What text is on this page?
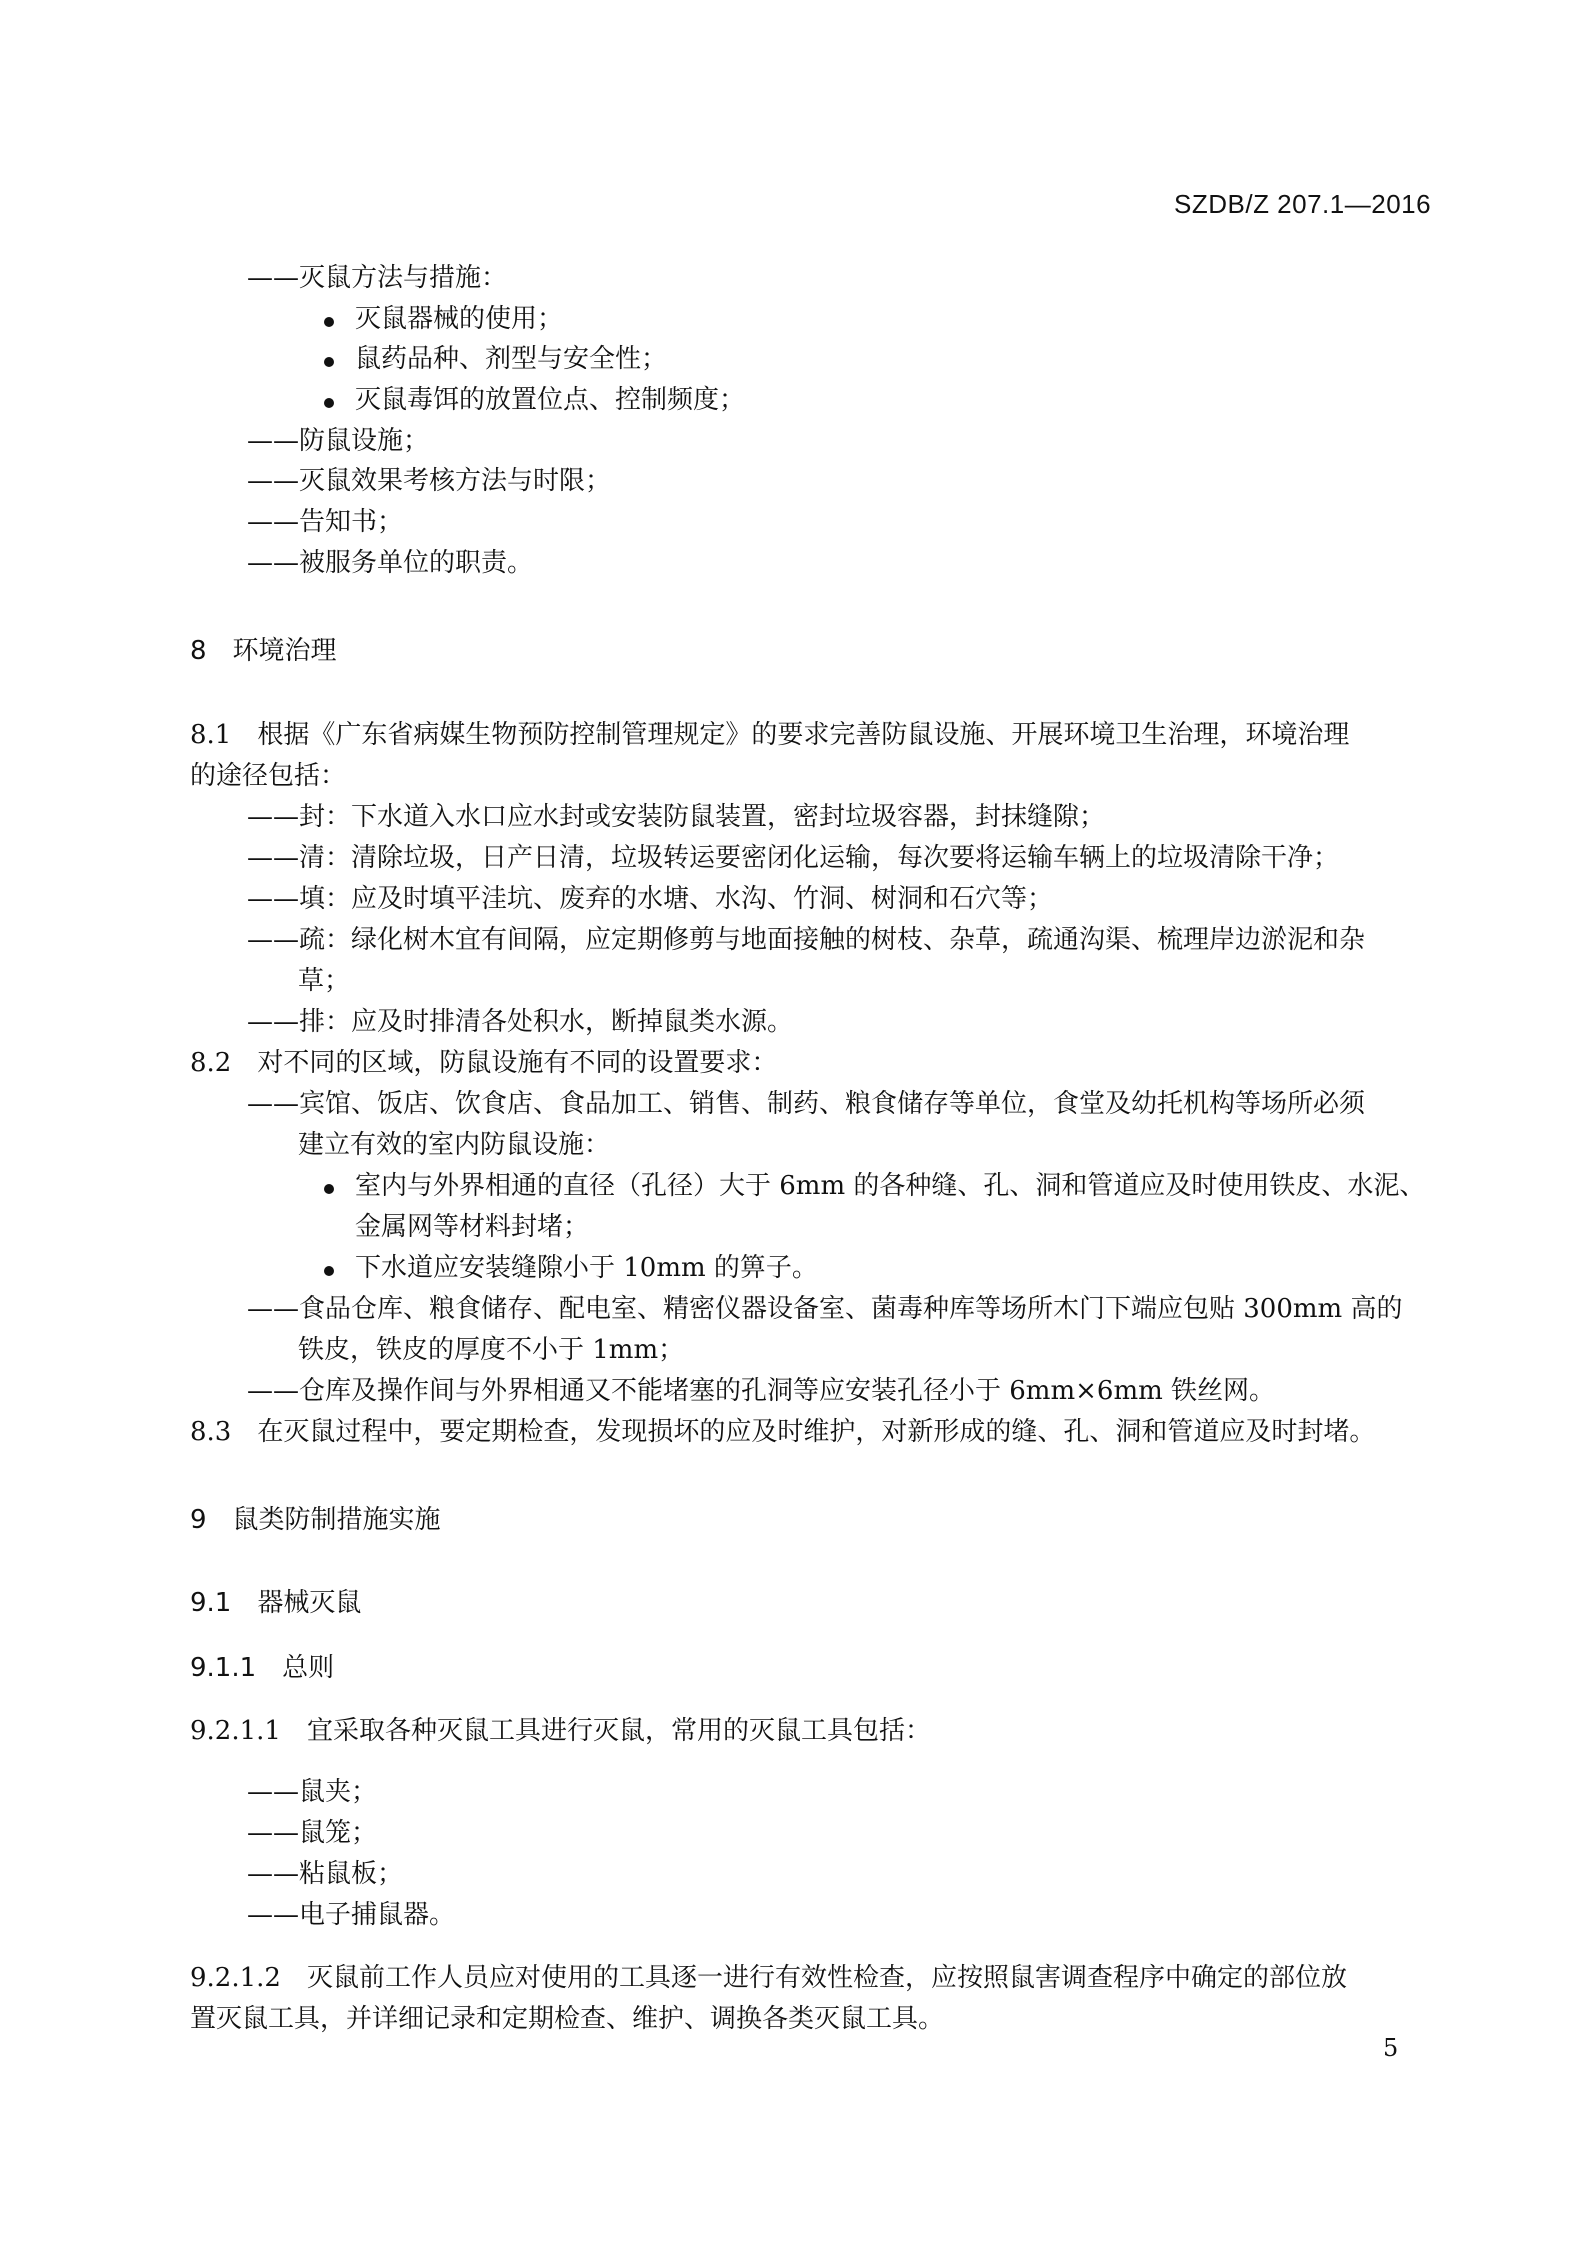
SZDB/Z 207.1—2016
——灭鼠方法与措施：
灭鼠器械的使用；
鼠药品种、剂型与安全性；
灭鼠毒饵的放置位点、控制频度；
——防鼠设施；
——灭鼠效果考核方法与时限；
——告知书；
——被服务单位的职责。
8　环境治理
8.1　根据《广东省病媒生物预防控制管理规定》的要求完善防鼠设施、开展环境卫生治理，环境治理
的途径包括：
——封：下水道入水口应水封或安装防鼠装置，密封垃圾容器，封抹缝隙；
——清：清除垃圾，日产日清，垃圾转运要密闭化运输，每次要将运输车辆上的垃圾清除干净；
——填：应及时填平洼坑、废弃的水塘、水沟、竹洞、树洞和石穴等；
——疏：绿化树木宜有间隔，应定期修剪与地面接触的树枝、杂草，疏通沟渠、梳理岸边淤泥和杂
草；
——排：应及时排清各处积水，断掉鼠类水源。
8.2　对不同的区域，防鼠设施有不同的设置要求：
——宾馆、饭店、饮食店、食品加工、销售、制药、粮食储存等单位，食堂及幼托机构等场所必须
建立有效的室内防鼠设施：
室内与外界相通的直径（孔径）大于 6mm 的各种缝、孔、洞和管道应及时使用铁皮、水泥、
金属网等材料封堵；
下水道应安装缝隙小于 10mm 的箅子。
——食品仓库、粮食储存、配电室、精密仪器设备室、菌毒种库等场所木门下端应包贴 300mm 高的
铁皮，铁皮的厚度不小于 1mm；
——仓库及操作间与外界相通又不能堵塞的孔洞等应安装孔径小于 6mm×6mm 铁丝网。
8.3　在灭鼠过程中，要定期检查，发现损坏的应及时维护，对新形成的缝、孔、洞和管道应及时封堵。
9　鼠类防制措施实施
9.1　器械灭鼠
9.1.1　总则
9.2.1.1　宜采取各种灭鼠工具进行灭鼠，常用的灭鼠工具包括：
——鼠夹；
——鼠笼；
——粘鼠板；
——电子捕鼠器。
9.2.1.2　灭鼠前工作人员应对使用的工具逐一进行有效性检查，应按照鼠害调查程序中确定的部位放
置灭鼠工具，并详细记录和定期检查、维护、调换各类灭鼠工具。
5
